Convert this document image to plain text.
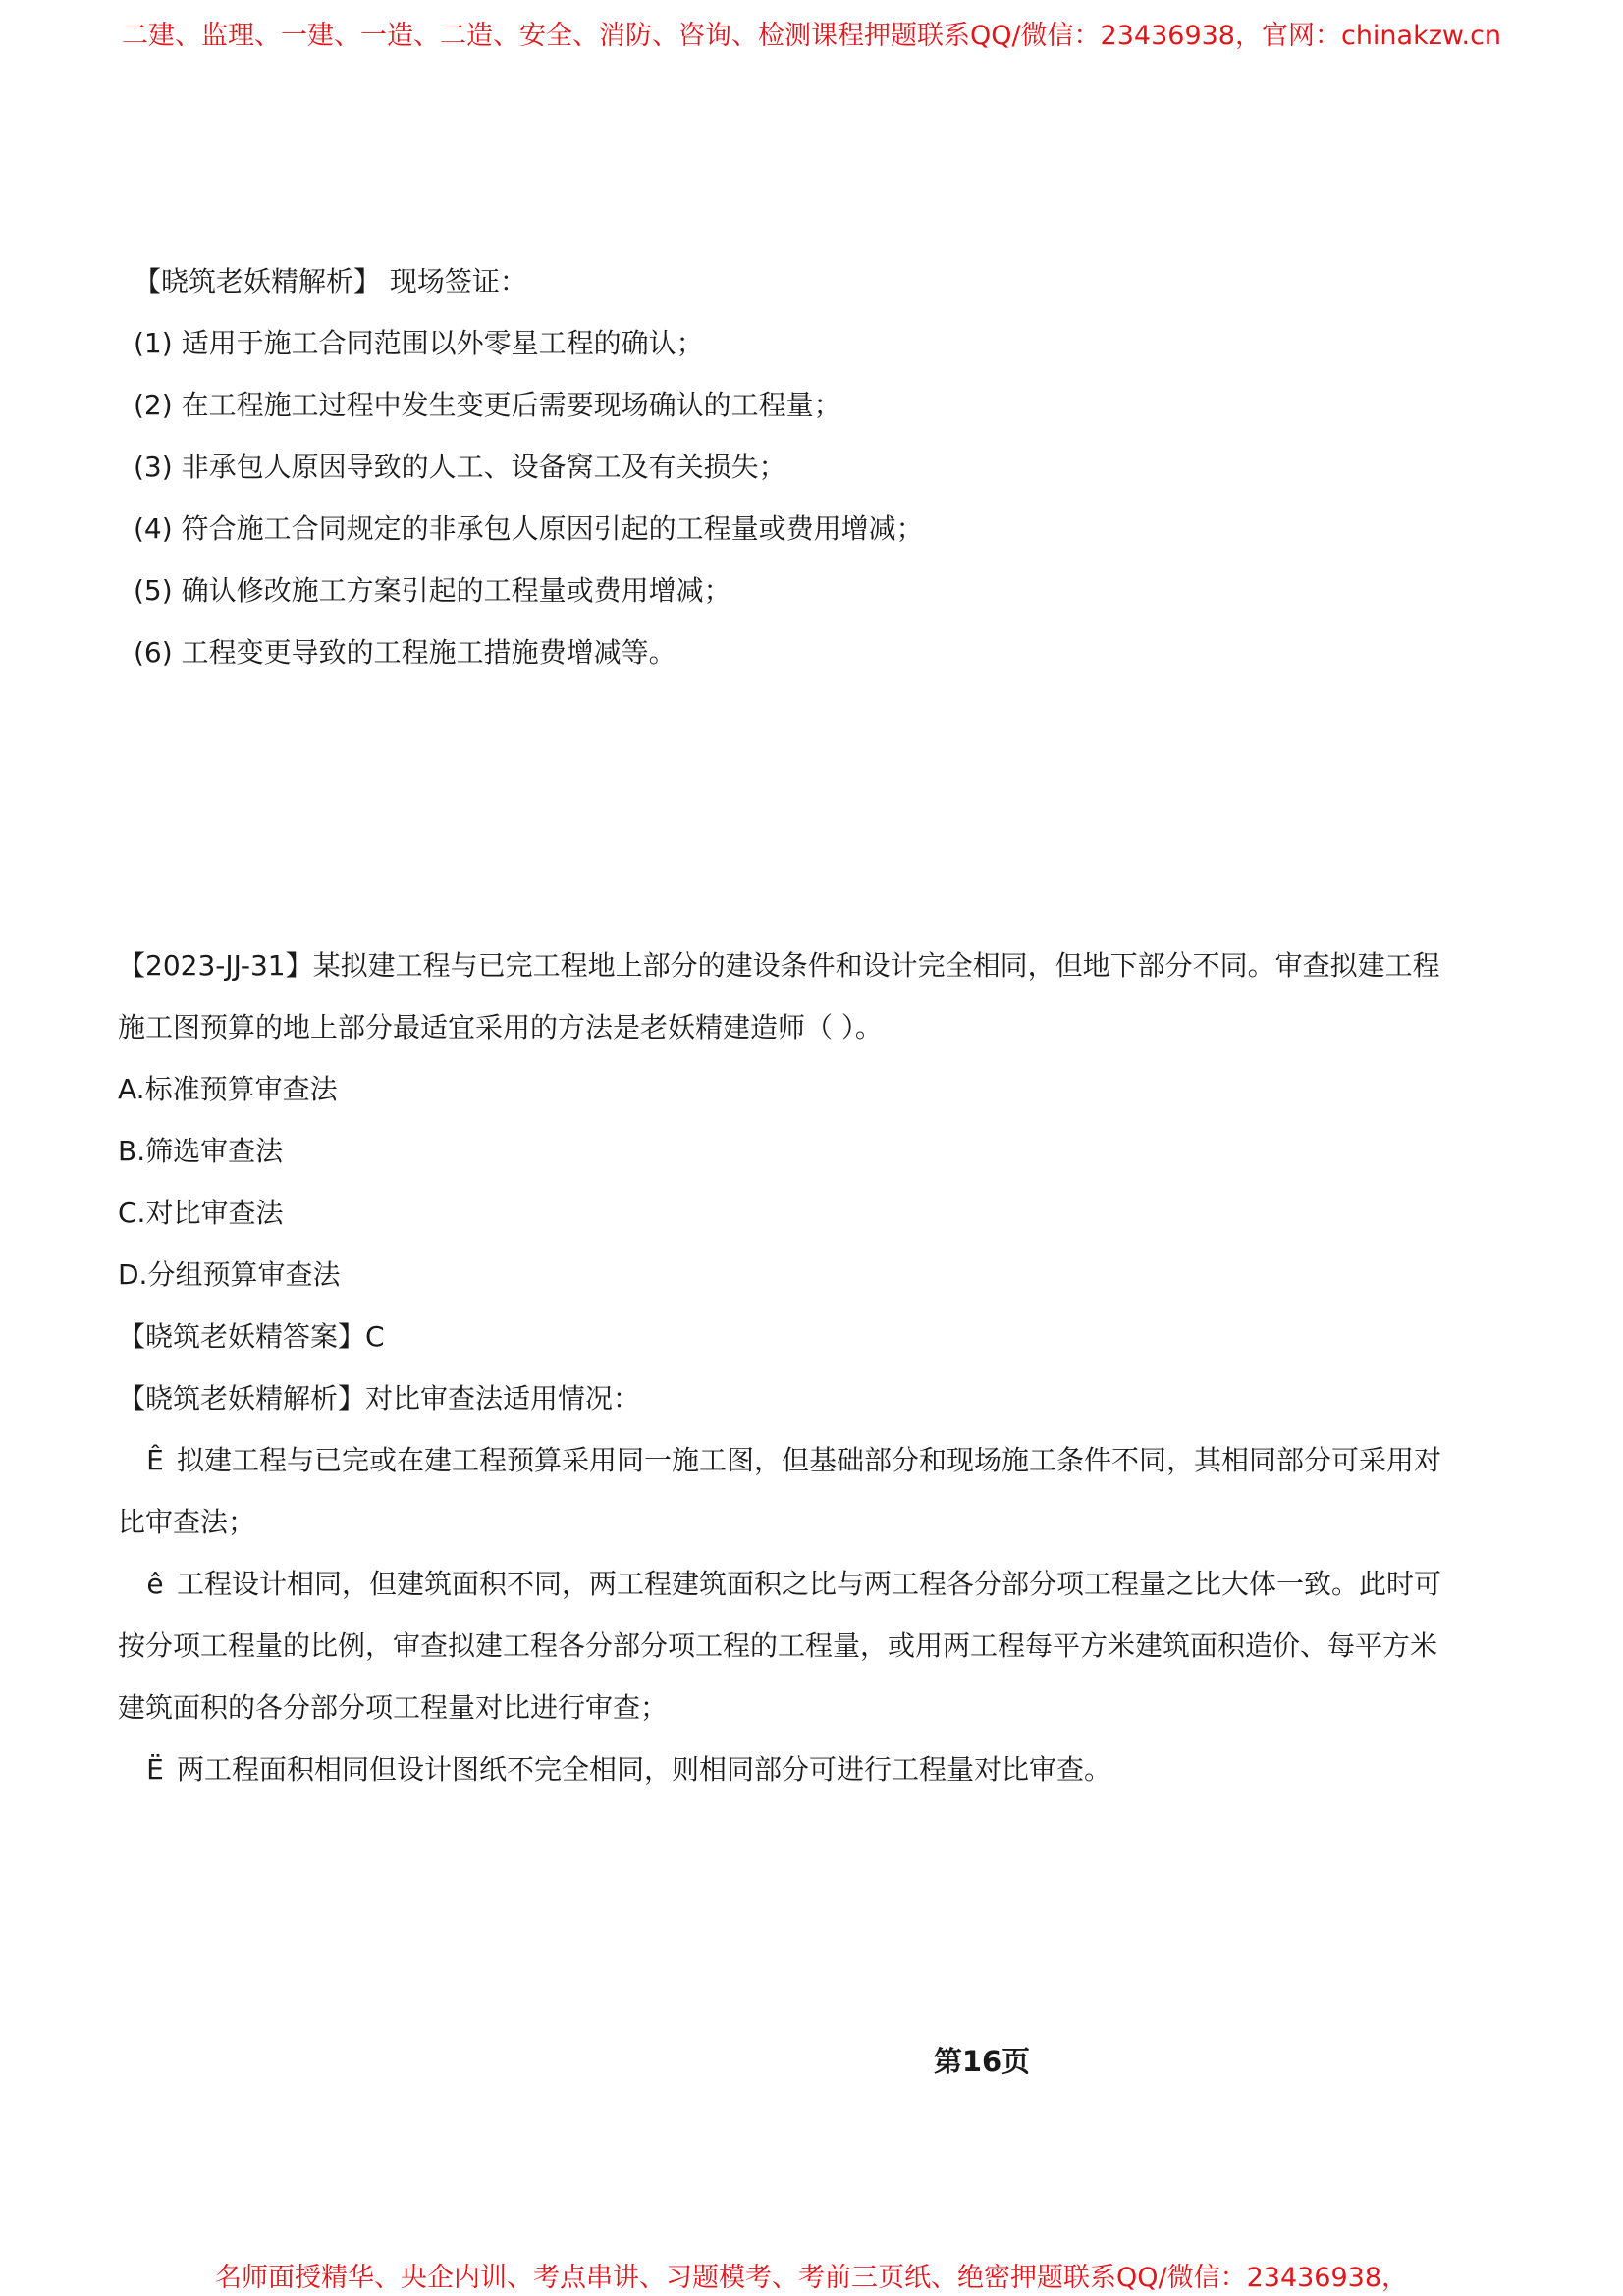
二建、监理、一建、一造、二造、安全、消防、咨询、检测课程押题联系QQ/微信：23436938，官网：chinakzw.cn
【晓筑老妖精解析】 现场签证：
(1) 适用于施工合同范围以外零星工程的确认；
(2) 在工程施工过程中发生变更后需要现场确认的工程量；
(3) 非承包人原因导致的人工、设备窝工及有关损失；
(4) 符合施工合同规定的非承包人原因引起的工程量或费用增减；
(5) 确认修改施工方案引起的工程量或费用增减；
(6) 工程变更导致的工程施工措施费增减等。
【2023-JJ-31】某拟建工程与已完工程地上部分的建设条件和设计完全相同，但地下部分不同。审查拟建工程
施工图预算的地上部分最适宜采用的方法是老妖精建造师（ ）。
A.标准预算审查法
B.筛选审查法
C.对比审查法
D.分组预算审查法
【晓筑老妖精答案】C
【晓筑老妖精解析】对比审查法适用情况：
Ê 拟建工程与已完或在建工程预算采用同一施工图，但基础部分和现场施工条件不同，其相同部分可采用对
比审查法；
ê 工程设计相同，但建筑面积不同，两工程建筑面积之比与两工程各分部分项工程量之比大体一致。此时可
按分项工程量的比例，审查拟建工程各分部分项工程的工程量，或用两工程每平方米建筑面积造价、每平方米
建筑面积的各分部分项工程量对比进行审查；
Ë 两工程面积相同但设计图纸不完全相同，则相同部分可进行工程量对比审查。
第16页
名师面授精华、央企内训、考点串讲、习题模考、考前三页纸、绝密押题联系QQ/微信：23436938，
